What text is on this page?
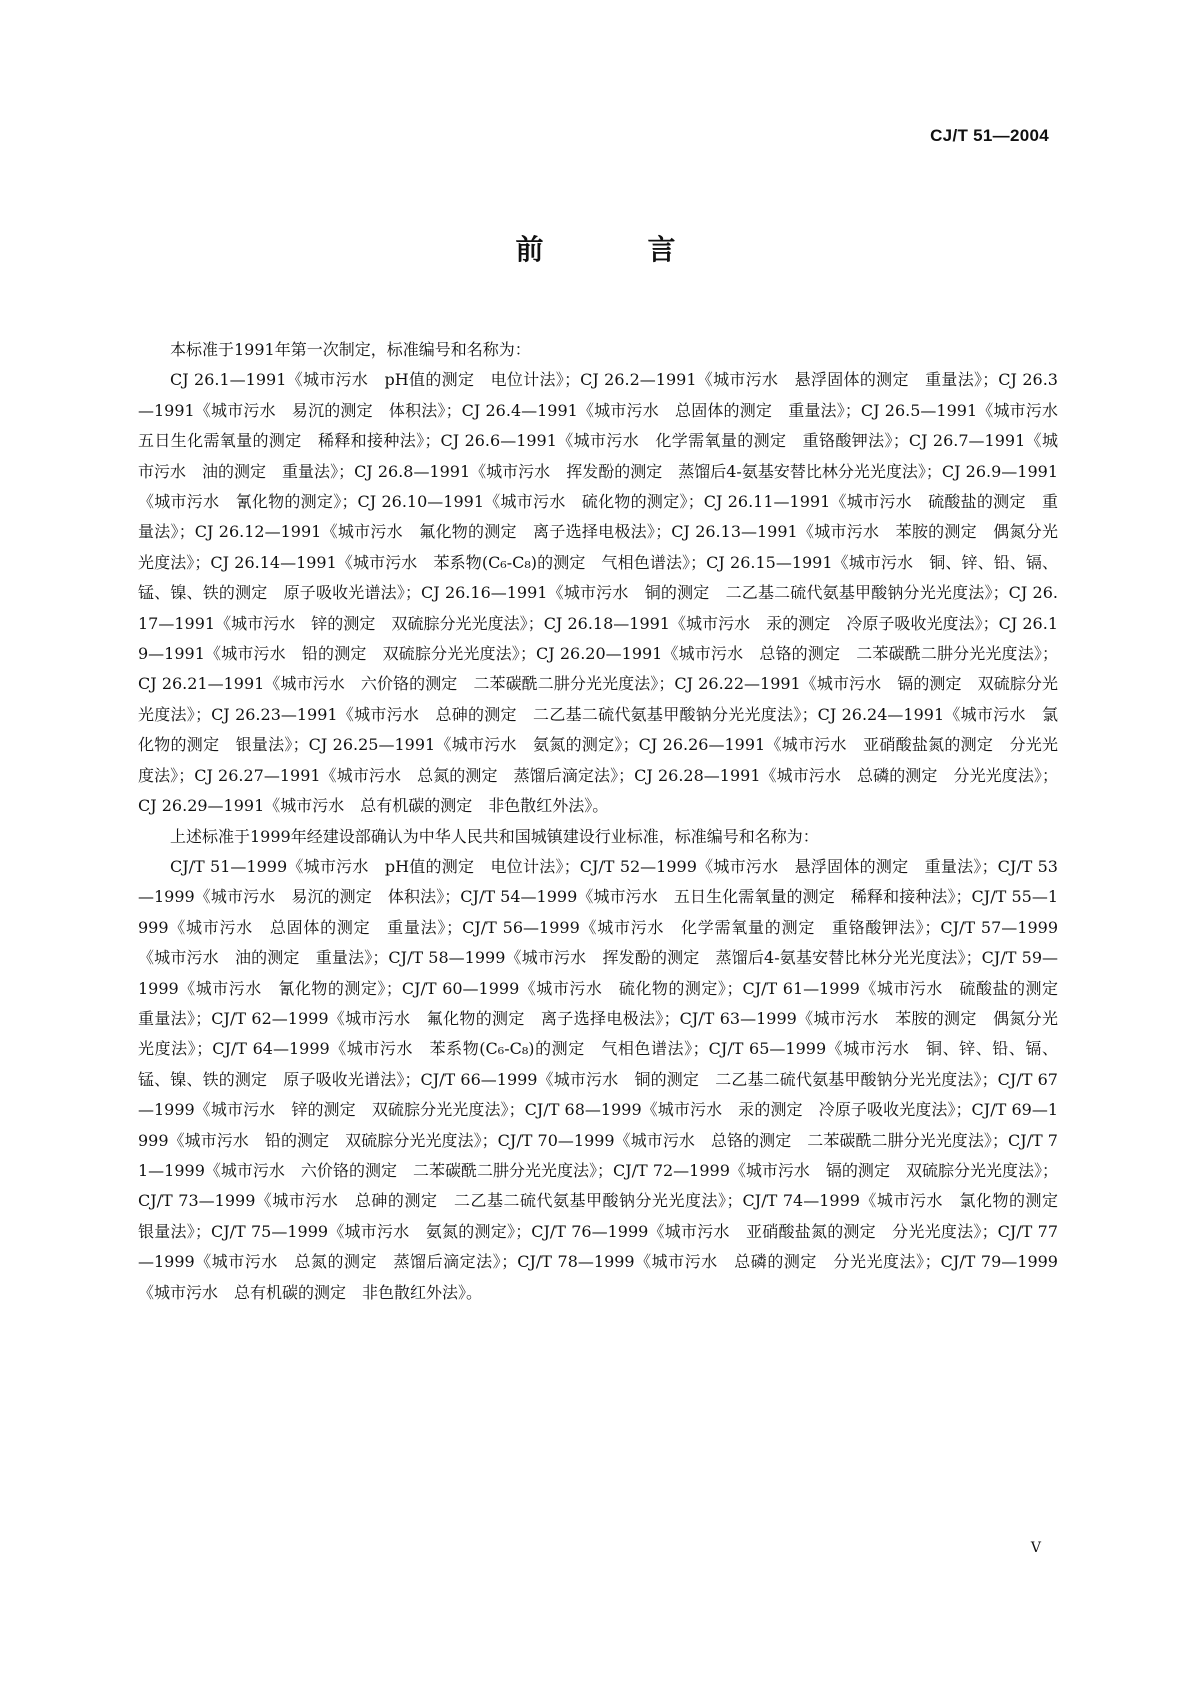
CJ/T 51—2004
前　言

本标准于1991年第一次制定，标准编号和名称为：

CJ 26.1—1991《城市污水　pH值的测定　电位计法》；CJ 26.2—1991《城市污水　悬浮固体的测定　重量法》；CJ 26.3—1991《城市污水　易沉的测定　体积法》；CJ 26.4—1991《城市污水　总固体的测定　重量法》；CJ 26.5—1991《城市污水　五日生化需氧量的测定　稀释和接种法》；CJ 26.6—1991《城市污水　化学需氧量的测定　重铬酸钾法》；CJ 26.7—1991《城市污水　油的测定　重量法》；CJ 26.8—1991《城市污水　挥发酚的测定　蒸馏后4-氨基安替比林分光光度法》；CJ 26.9—1991《城市污水　氰化物的测定》；CJ 26.10—1991《城市污水　硫化物的测定》；CJ 26.11—1991《城市污水　硫酸盐的测定　重量法》；CJ 26.12—1991《城市污水　氟化物的测定　离子选择电极法》；CJ 26.13—1991《城市污水　苯胺的测定　偶氮分光光度法》；CJ 26.14—1991《城市污水　苯系物(C₆-C₈)的测定　气相色谱法》；CJ 26.15—1991《城市污水　铜、锌、铅、镉、锰、镍、铁的测定　原子吸收光谱法》；CJ 26.16—1991《城市污水　铜的测定　二乙基二硫代氨基甲酸钠分光光度法》；CJ 26.17—1991《城市污水　锌的测定　双硫腙分光光度法》；CJ 26.18—1991《城市污水　汞的测定　冷原子吸收光度法》；CJ 26.19—1991《城市污水　铅的测定　双硫腙分光光度法》；CJ 26.20—1991《城市污水　总铬的测定　二苯碳酰二肼分光光度法》；CJ 26.21—1991《城市污水　六价铬的测定　二苯碳酰二肼分光光度法》；CJ 26.22—1991《城市污水　镉的测定　双硫腙分光光度法》；CJ 26.23—1991《城市污水　总砷的测定　二乙基二硫代氨基甲酸钠分光光度法》；CJ 26.24—1991《城市污水　氯化物的测定　银量法》；CJ 26.25—1991《城市污水　氨氮的测定》；CJ 26.26—1991《城市污水　亚硝酸盐氮的测定　分光光度法》；CJ 26.27—1991《城市污水　总氮的测定　蒸馏后滴定法》；CJ 26.28—1991《城市污水　总磷的测定　分光光度法》；CJ 26.29—1991《城市污水　总有机碳的测定　非色散红外法》。

上述标准于1999年经建设部确认为中华人民共和国城镇建设行业标准，标准编号和名称为：

CJ/T 51—1999《城市污水　pH值的测定　电位计法》；CJ/T 52—1999《城市污水　悬浮固体的测定　重量法》；CJ/T 53—1999《城市污水　易沉的测定　体积法》；CJ/T 54—1999《城市污水　五日生化需氧量的测定　稀释和接种法》；CJ/T 55—1999《城市污水　总固体的测定　重量法》；CJ/T 56—1999《城市污水　化学需氧量的测定　重铬酸钾法》；CJ/T 57—1999《城市污水　油的测定　重量法》；CJ/T 58—1999《城市污水　挥发酚的测定　蒸馏后4-氨基安替比林分光光度法》；CJ/T 59—1999《城市污水　氰化物的测定》；CJ/T 60—1999《城市污水　硫化物的测定》；CJ/T 61—1999《城市污水　硫酸盐的测定　重量法》；CJ/T 62—1999《城市污水　氟化物的测定　离子选择电极法》；CJ/T 63—1999《城市污水　苯胺的测定　偶氮分光光度法》；CJ/T 64—1999《城市污水　苯系物(C₆-C₈)的测定　气相色谱法》；CJ/T 65—1999《城市污水　铜、锌、铅、镉、锰、镍、铁的测定　原子吸收光谱法》；CJ/T 66—1999《城市污水　铜的测定　二乙基二硫代氨基甲酸钠分光光度法》；CJ/T 67—1999《城市污水　锌的测定　双硫腙分光光度法》；CJ/T 68—1999《城市污水　汞的测定　冷原子吸收光度法》；CJ/T 69—1999《城市污水　铅的测定　双硫腙分光光度法》；CJ/T 70—1999《城市污水　总铬的测定　二苯碳酰二肼分光光度法》；CJ/T 71—1999《城市污水　六价铬的测定　二苯碳酰二肼分光光度法》；CJ/T 72—1999《城市污水　镉的测定　双硫腙分光光度法》；CJ/T 73—1999《城市污水　总砷的测定　二乙基二硫代氨基甲酸钠分光光度法》；CJ/T 74—1999《城市污水　氯化物的测定　银量法》；CJ/T 75—1999《城市污水　氨氮的测定》；CJ/T 76—1999《城市污水　亚硝酸盐氮的测定　分光光度法》；CJ/T 77—1999《城市污水　总氮的测定　蒸馏后滴定法》；CJ/T 78—1999《城市污水　总磷的测定　分光光度法》；CJ/T 79—1999《城市污水　总有机碳的测定　非色散红外法》。

V
